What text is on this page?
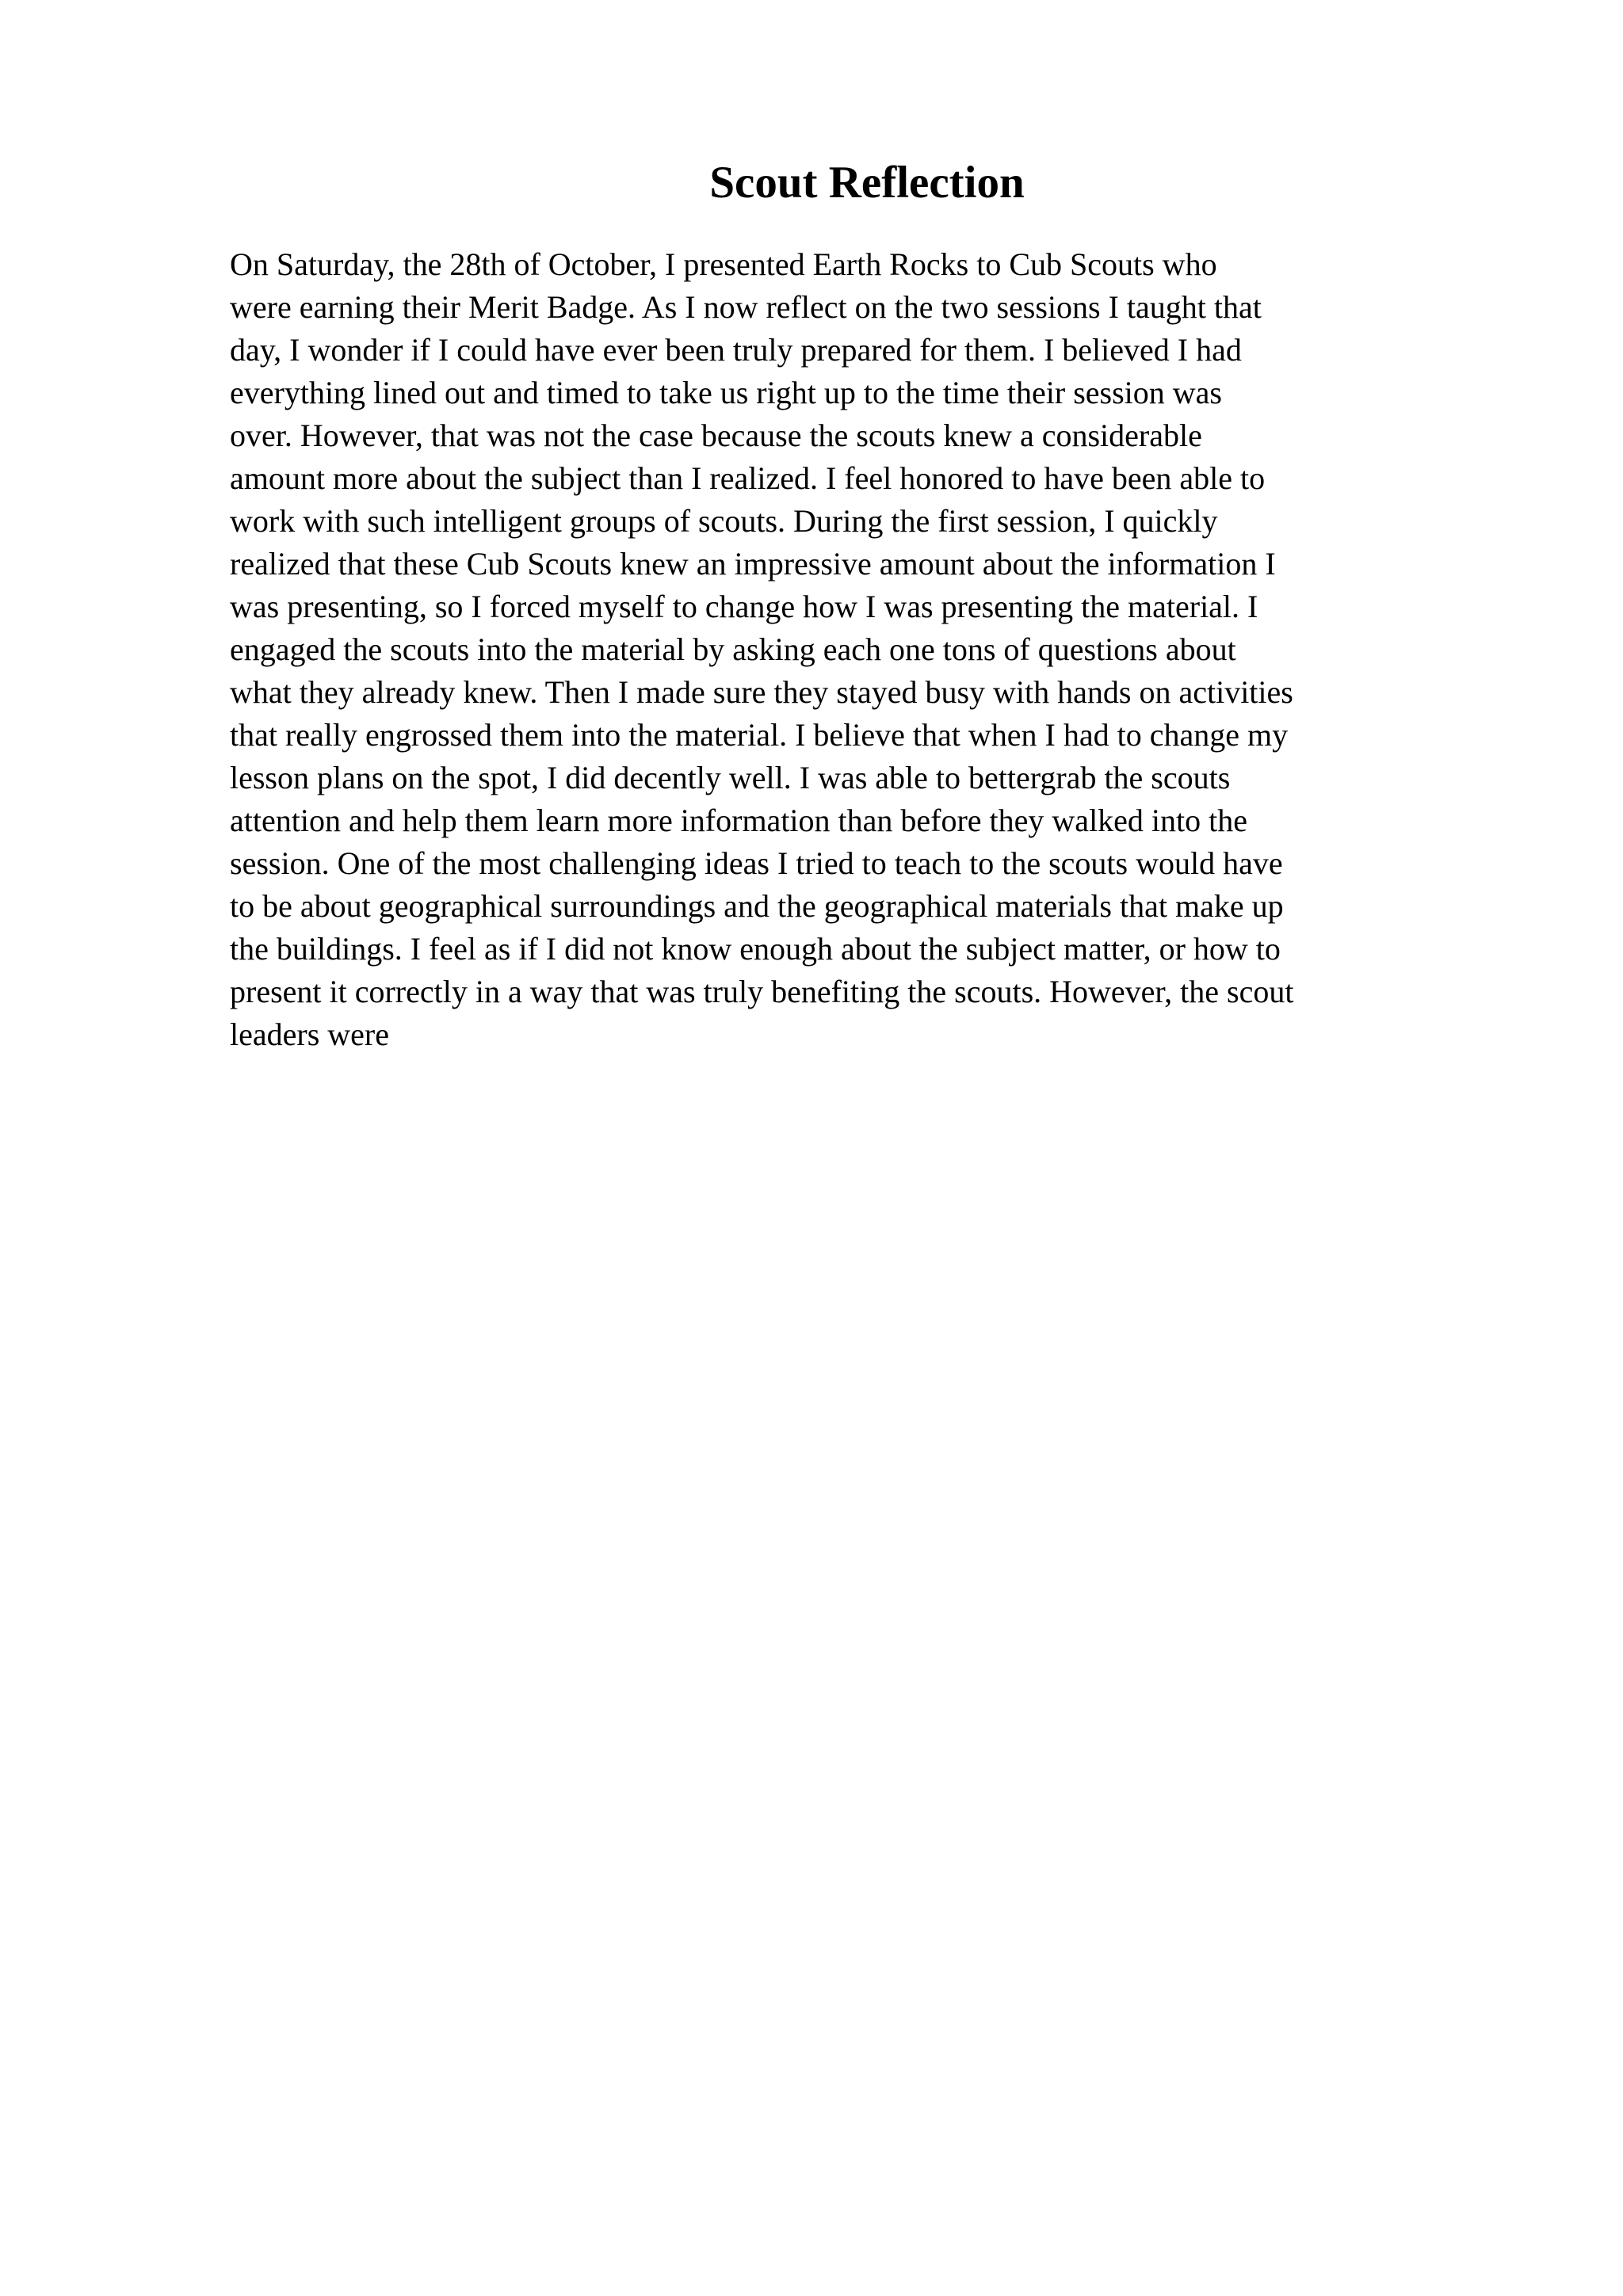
Scout Reflection
On Saturday, the 28th of October, I presented Earth Rocks to Cub Scouts who
were earning their Merit Badge. As I now reflect on the two sessions I taught that
day, I wonder if I could have ever been truly prepared for them. I believed I had
everything lined out and timed to take us right up to the time their session was
over. However, that was not the case because the scouts knew a considerable
amount more about the subject than I realized. I feel honored to have been able to
work with such intelligent groups of scouts. During the first session, I quickly
realized that these Cub Scouts knew an impressive amount about the information I
was presenting, so I forced myself to change how I was presenting the material. I
engaged the scouts into the material by asking each one tons of questions about
what they already knew. Then I made sure they stayed busy with hands on activities
that really engrossed them into the material. I believe that when I had to change my
lesson plans on the spot, I did decently well. I was able to bettergrab the scouts
attention and help them learn more information than before they walked into the
session. One of the most challenging ideas I tried to teach to the scouts would have
to be about geographical surroundings and the geographical materials that make up
the buildings. I feel as if I did not know enough about the subject matter, or how to
present it correctly in a way that was truly benefiting the scouts. However, the scout
leaders were
